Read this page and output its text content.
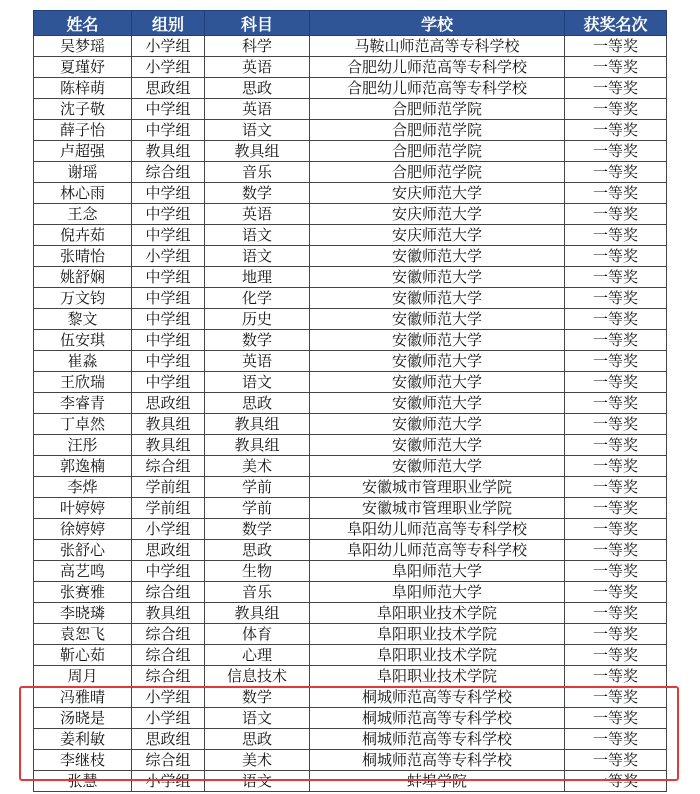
姓名	组别	科目	学校	获奖名次
吴梦瑶	小学组	科学	马鞍山师范高等专科学校	一等奖
夏瑾妤	小学组	英语	合肥幼儿师范高等专科学校	一等奖
陈梓萌	思政组	思政	合肥幼儿师范高等专科学校	一等奖
沈子敬	中学组	英语	合肥师范学院	一等奖
薛子怡	中学组	语文	合肥师范学院	一等奖
卢超强	教具组	教具组	合肥师范学院	一等奖
谢瑶	综合组	音乐	合肥师范学院	一等奖
林心雨	中学组	数学	安庆师范大学	一等奖
王念	中学组	英语	安庆师范大学	一等奖
倪卉茹	中学组	语文	安庆师范大学	一等奖
张晴怡	小学组	语文	安徽师范大学	一等奖
姚舒娴	中学组	地理	安徽师范大学	一等奖
万文钧	中学组	化学	安徽师范大学	一等奖
黎文	中学组	历史	安徽师范大学	一等奖
伍安琪	中学组	数学	安徽师范大学	一等奖
崔淼	中学组	英语	安徽师范大学	一等奖
王欣瑞	中学组	语文	安徽师范大学	一等奖
李睿青	思政组	思政	安徽师范大学	一等奖
丁卓然	教具组	教具组	安徽师范大学	一等奖
汪彤	教具组	教具组	安徽师范大学	一等奖
郭逸楠	综合组	美术	安徽师范大学	一等奖
李烨	学前组	学前	安徽城市管理职业学院	一等奖
叶婷婷	学前组	学前	安徽城市管理职业学院	一等奖
徐婷婷	小学组	数学	阜阳幼儿师范高等专科学校	一等奖
张舒心	思政组	思政	阜阳幼儿师范高等专科学校	一等奖
高艺鸣	中学组	生物	阜阳师范大学	一等奖
张赛雅	综合组	音乐	阜阳师范大学	一等奖
李晓璘	教具组	教具组	阜阳职业技术学院	一等奖
袁恕飞	综合组	体育	阜阳职业技术学院	一等奖
靳心茹	综合组	心理	阜阳职业技术学院	一等奖
周月	综合组	信息技术	阜阳职业技术学院	一等奖
冯雅晴	小学组	数学	桐城师范高等专科学校	一等奖
汤晓是	小学组	语文	桐城师范高等专科学校	一等奖
姜利敏	思政组	思政	桐城师范高等专科学校	一等奖
李继枝	综合组	美术	桐城师范高等专科学校	一等奖
张慧	小学组	语文	蚌埠学院	一等奖
